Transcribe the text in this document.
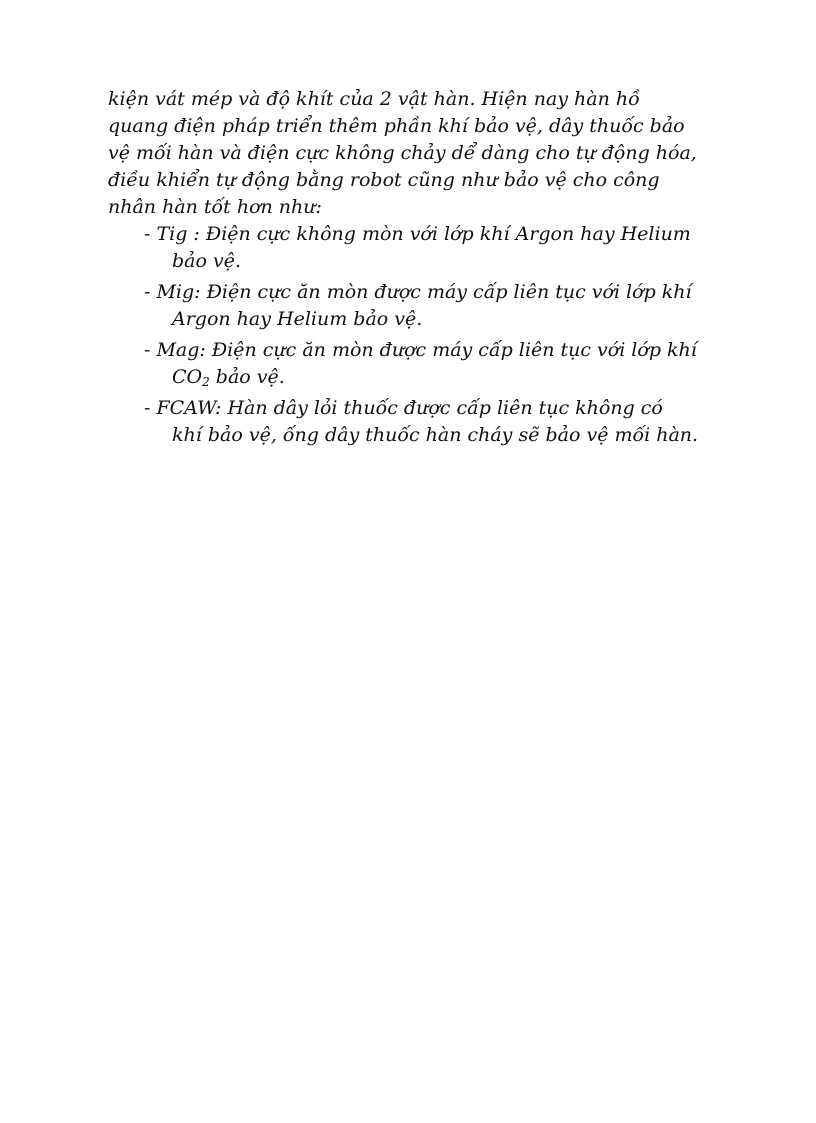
kiện vát mép và độ khít của 2 vật hàn. Hiện nay hàn hồ
quang điện pháp triển thêm phần khí bảo vệ, dây thuốc bảo
vệ mối hàn và điện cực không chảy dể dàng cho tự động hóa,
điều khiển tự động bằng robot cũng như bảo vệ cho công
nhân hàn tốt hơn như:
- Tig : Điện cực không mòn với lớp khí Argon hay Helium
bảo vệ.
- Mig: Điện cực ăn mòn được máy cấp liên tục với lớp khí
Argon hay Helium bảo vệ.
- Mag: Điện cực ăn mòn được máy cấp liên tục với lớp khí
$CO_2$ bảo vệ.
- FCAW: Hàn dây lỏi thuốc được cấp liên tục không có
khí bảo vệ, ống dây thuốc hàn cháy sẽ bảo vệ mối hàn.
